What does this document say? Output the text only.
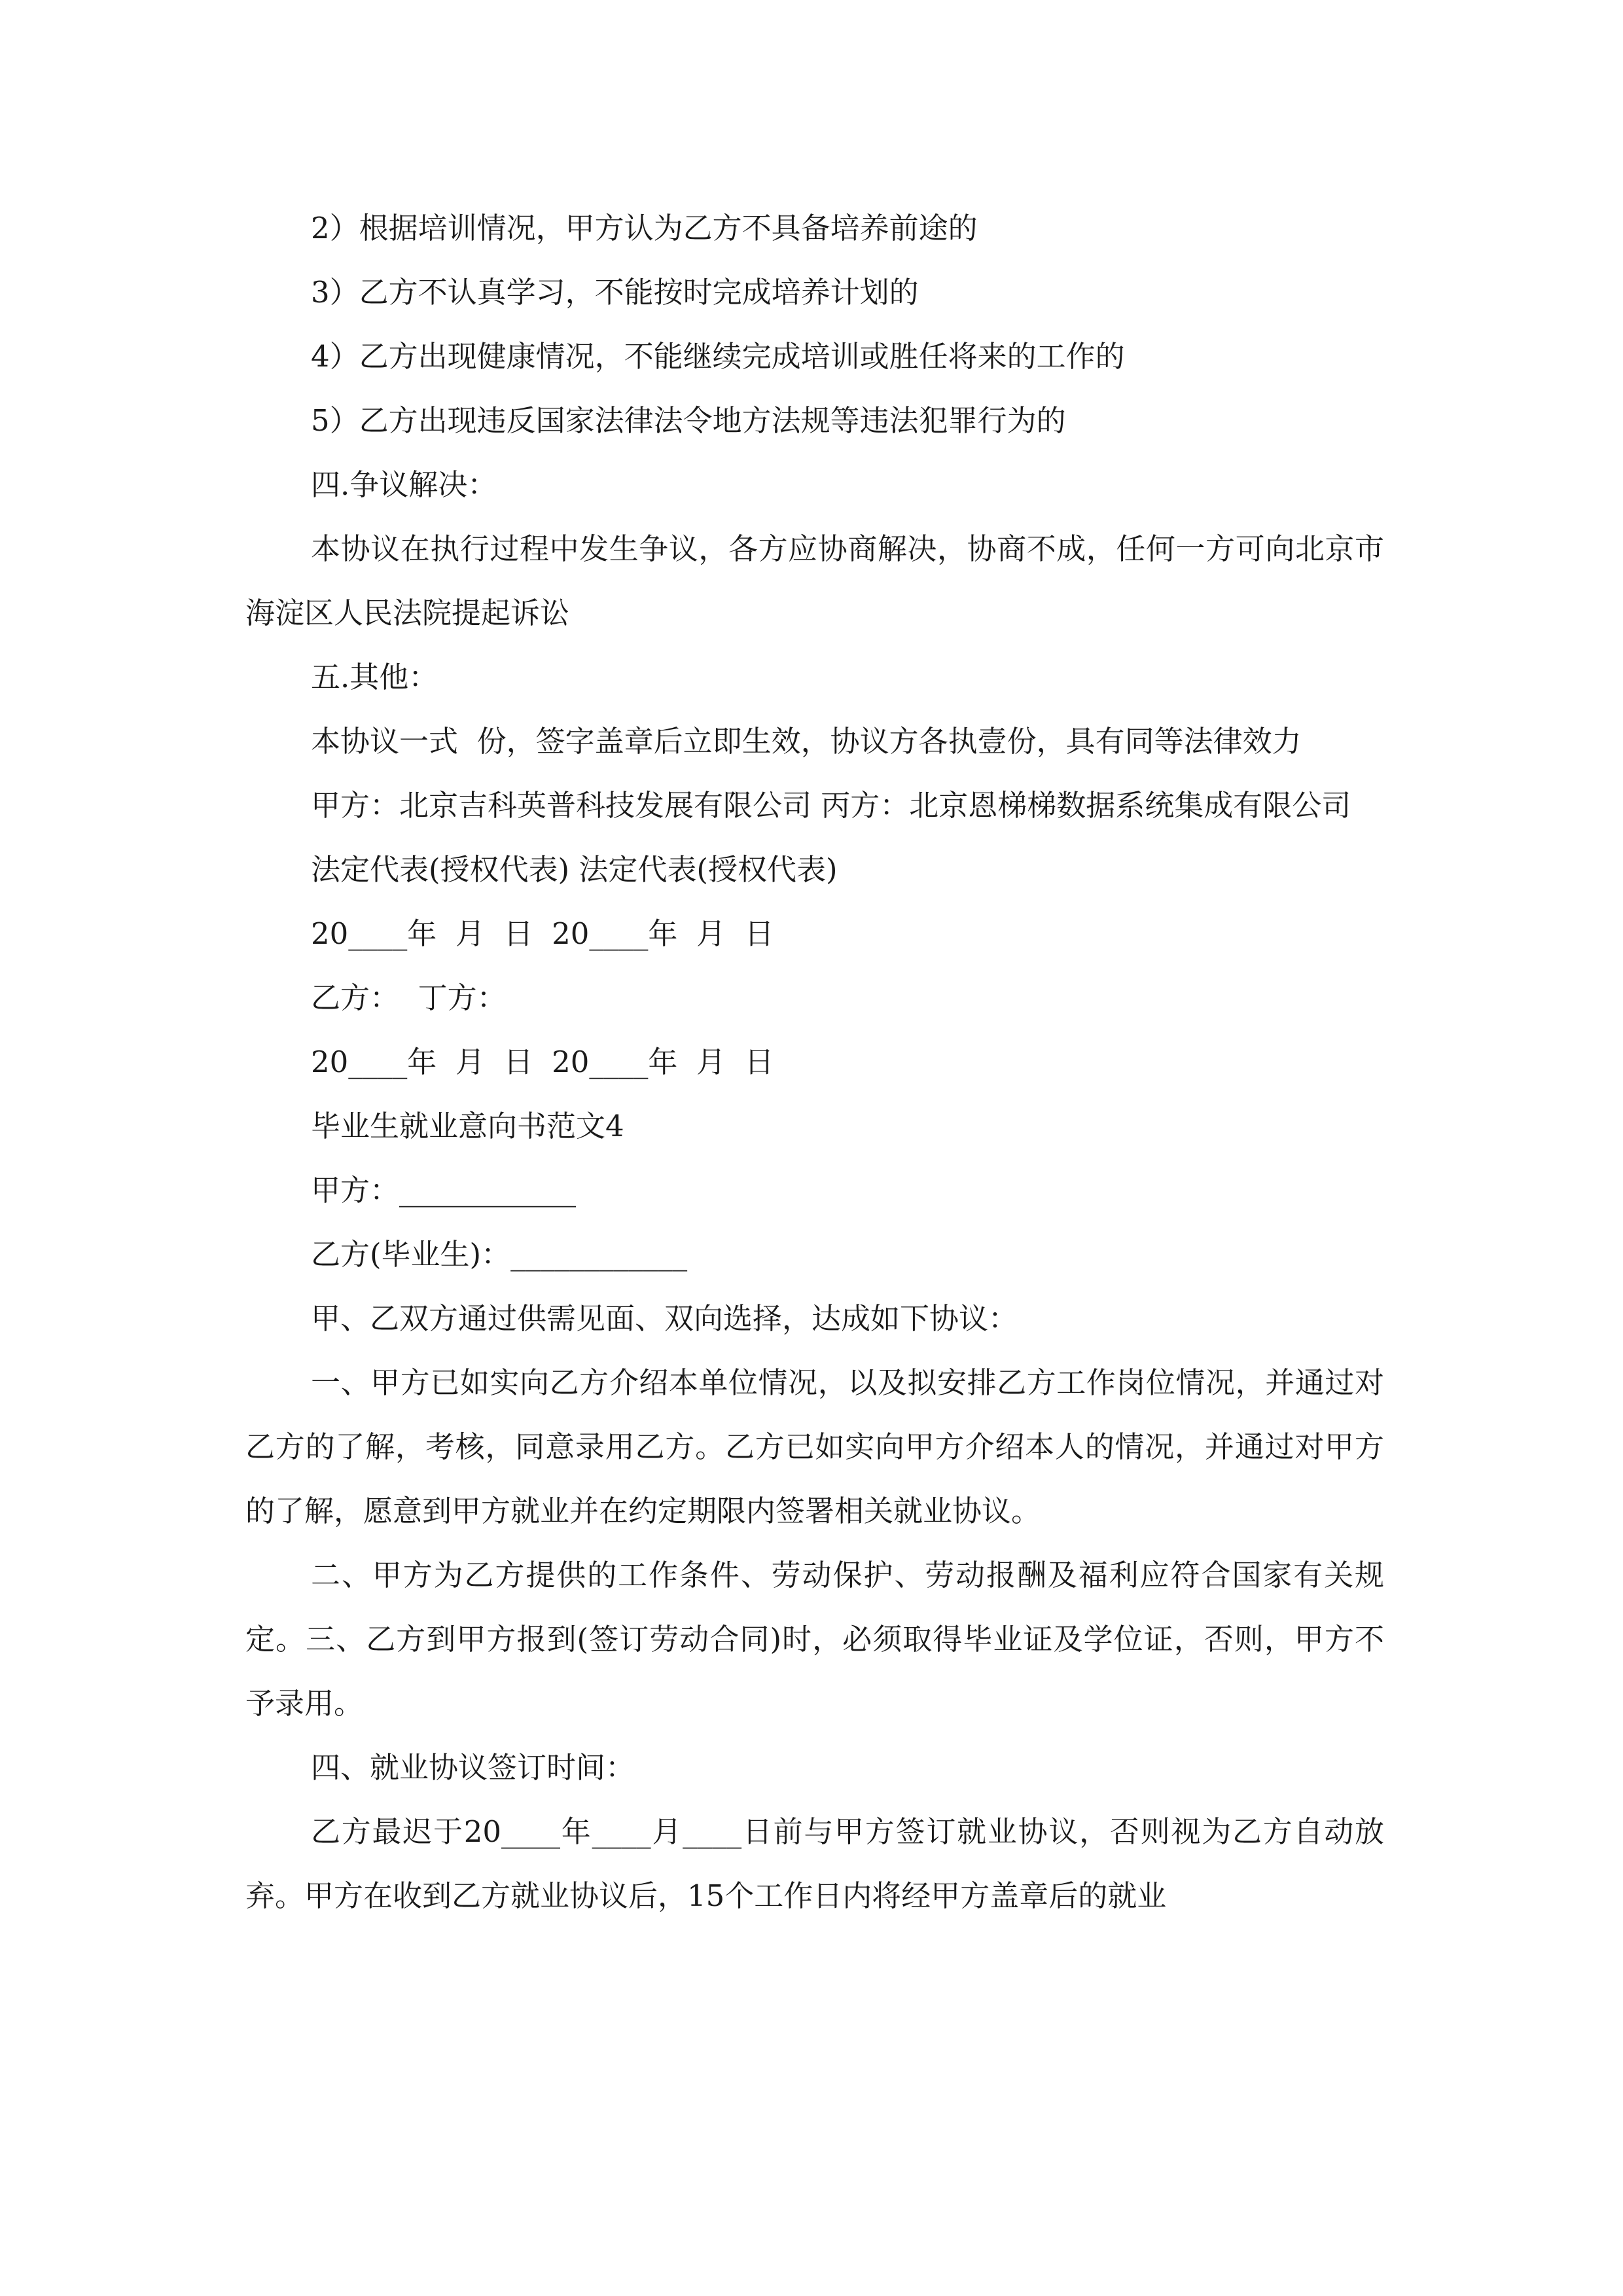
2）根据培训情况，甲方认为乙方不具备培养前途的

3）乙方不认真学习，不能按时完成培养计划的

4）乙方出现健康情况，不能继续完成培训或胜任将来的工作的

5）乙方出现违反国家法律法令地方法规等违法犯罪行为的

四.争议解决：

本协议在执行过程中发生争议，各方应协商解决，协商不成，任何一方可向北京市海淀区人民法院提起诉讼

五.其他：

本协议一式  份，签字盖章后立即生效，协议方各执壹份，具有同等法律效力

甲方：北京吉科英普科技发展有限公司 丙方：北京恩梯梯数据系统集成有限公司

法定代表(授权代表) 法定代表(授权代表)

20____年  月  日  20____年  月  日

乙方：  丁方：

20____年  月  日  20____年  月  日

毕业生就业意向书范文4

甲方：____________

乙方(毕业生)：____________

甲、乙双方通过供需见面、双向选择，达成如下协议：

一、甲方已如实向乙方介绍本单位情况，以及拟安排乙方工作岗位情况，并通过对乙方的了解，考核，同意录用乙方。乙方已如实向甲方介绍本人的情况，并通过对甲方的了解，愿意到甲方就业并在约定期限内签署相关就业协议。

二、甲方为乙方提供的工作条件、劳动保护、劳动报酬及福利应符合国家有关规定。三、乙方到甲方报到(签订劳动合同)时，必须取得毕业证及学位证，否则，甲方不予录用。

四、就业协议签订时间：

乙方最迟于20____年____月____日前与甲方签订就业协议，否则视为乙方自动放弃。甲方在收到乙方就业协议后，15个工作日内将经甲方盖章后的就业
